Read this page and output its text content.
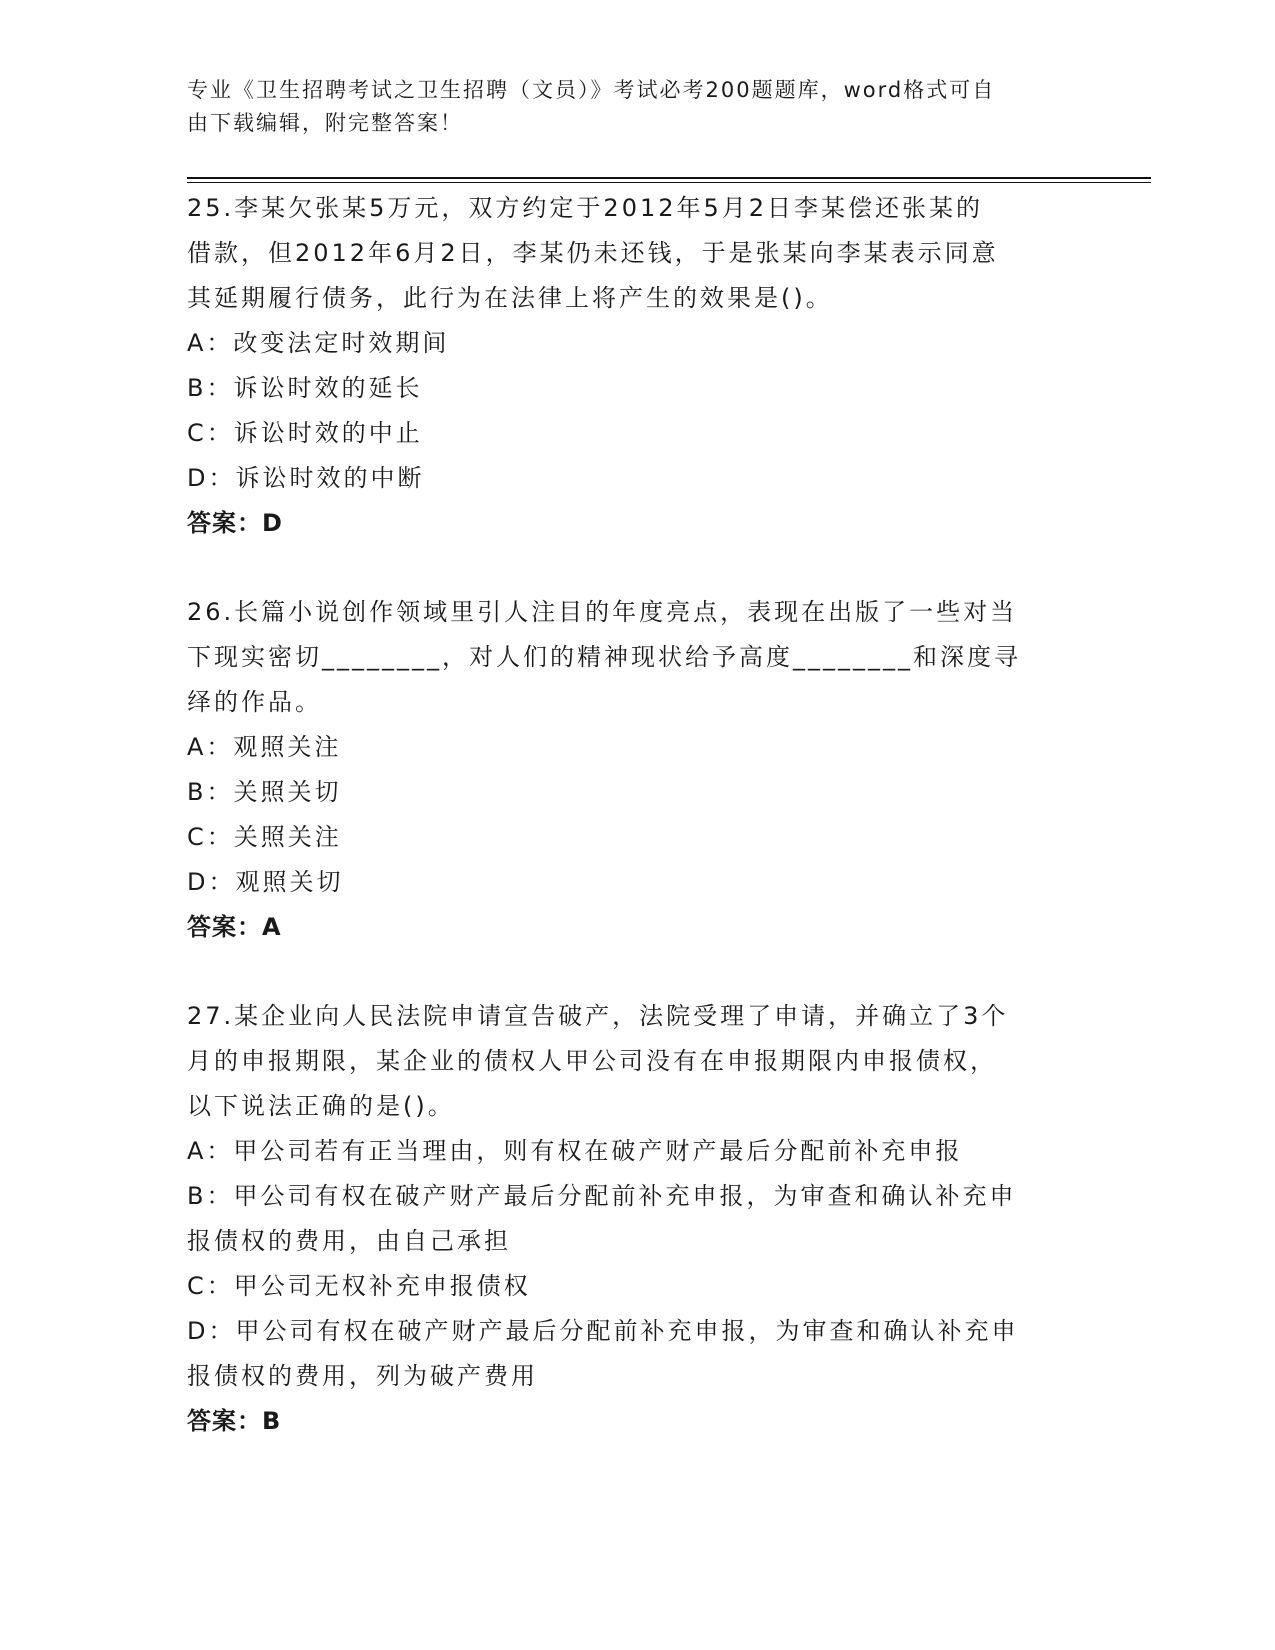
专业《卫生招聘考试之卫生招聘（文员）》考试必考200题题库，word格式可自
由下载编辑，附完整答案！
25.李某欠张某5万元，双方约定于2012年5月2日李某偿还张某的
借款，但2012年6月2日，李某仍未还钱，于是张某向李某表示同意
其延期履行债务，此行为在法律上将产生的效果是()。
A：改变法定时效期间
B：诉讼时效的延长
C：诉讼时效的中止
D：诉讼时效的中断
答案：D
26.长篇小说创作领域里引人注目的年度亮点，表现在出版了一些对当
下现实密切________，对人们的精神现状给予高度________和深度寻
绎的作品。
A：观照关注
B：关照关切
C：关照关注
D：观照关切
答案：A
27.某企业向人民法院申请宣告破产，法院受理了申请，并确立了3个
月的申报期限，某企业的债权人甲公司没有在申报期限内申报债权，
以下说法正确的是()。
A：甲公司若有正当理由，则有权在破产财产最后分配前补充申报
B：甲公司有权在破产财产最后分配前补充申报，为审查和确认补充申
报债权的费用，由自己承担
C：甲公司无权补充申报债权
D：甲公司有权在破产财产最后分配前补充申报，为审查和确认补充申
报债权的费用，列为破产费用
答案：B
